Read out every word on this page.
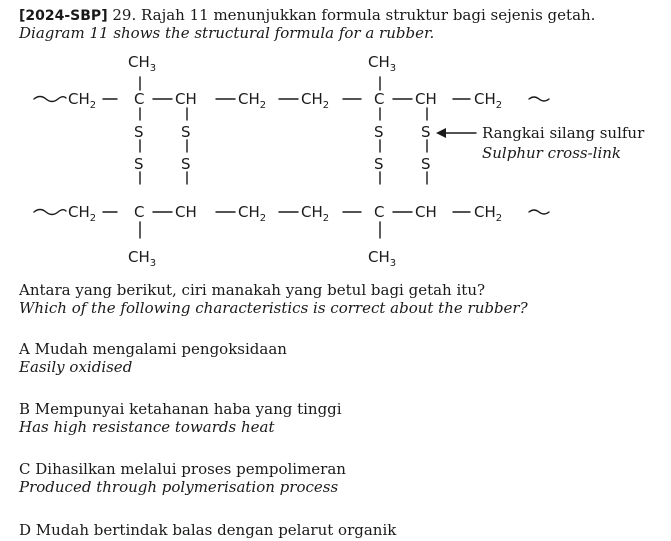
[2024-SBP] 29. Rajah 11 menunjukkan formula struktur bagi sejenis getah.
Diagram 11 shows the structural formula for a rubber.
$CH_3$	$CH_3$
$CH_2$	C CH	$CH_2$ $CH_2$	C CH $CH_2$
S
S
S
S
S
S
S
S
$CH_2$	C CH	$CH_2$ $CH_2$	C CH $CH_2$
$CH_3$	$CH_3$
Rangkai silang sulfur
Sulphur cross-link
Antara yang berikut, ciri manakah yang betul bagi getah itu?
Which of the following characteristics is correct about the rubber?
A Mudah mengalami pengoksidaan
Easily oxidised
B Mempunyai ketahanan haba yang tinggi
Has high resistance towards heat
C Dihasilkan melalui proses pempolimeran
Produced through polymerisation process
D Mudah bertindak balas dengan pelarut organik
